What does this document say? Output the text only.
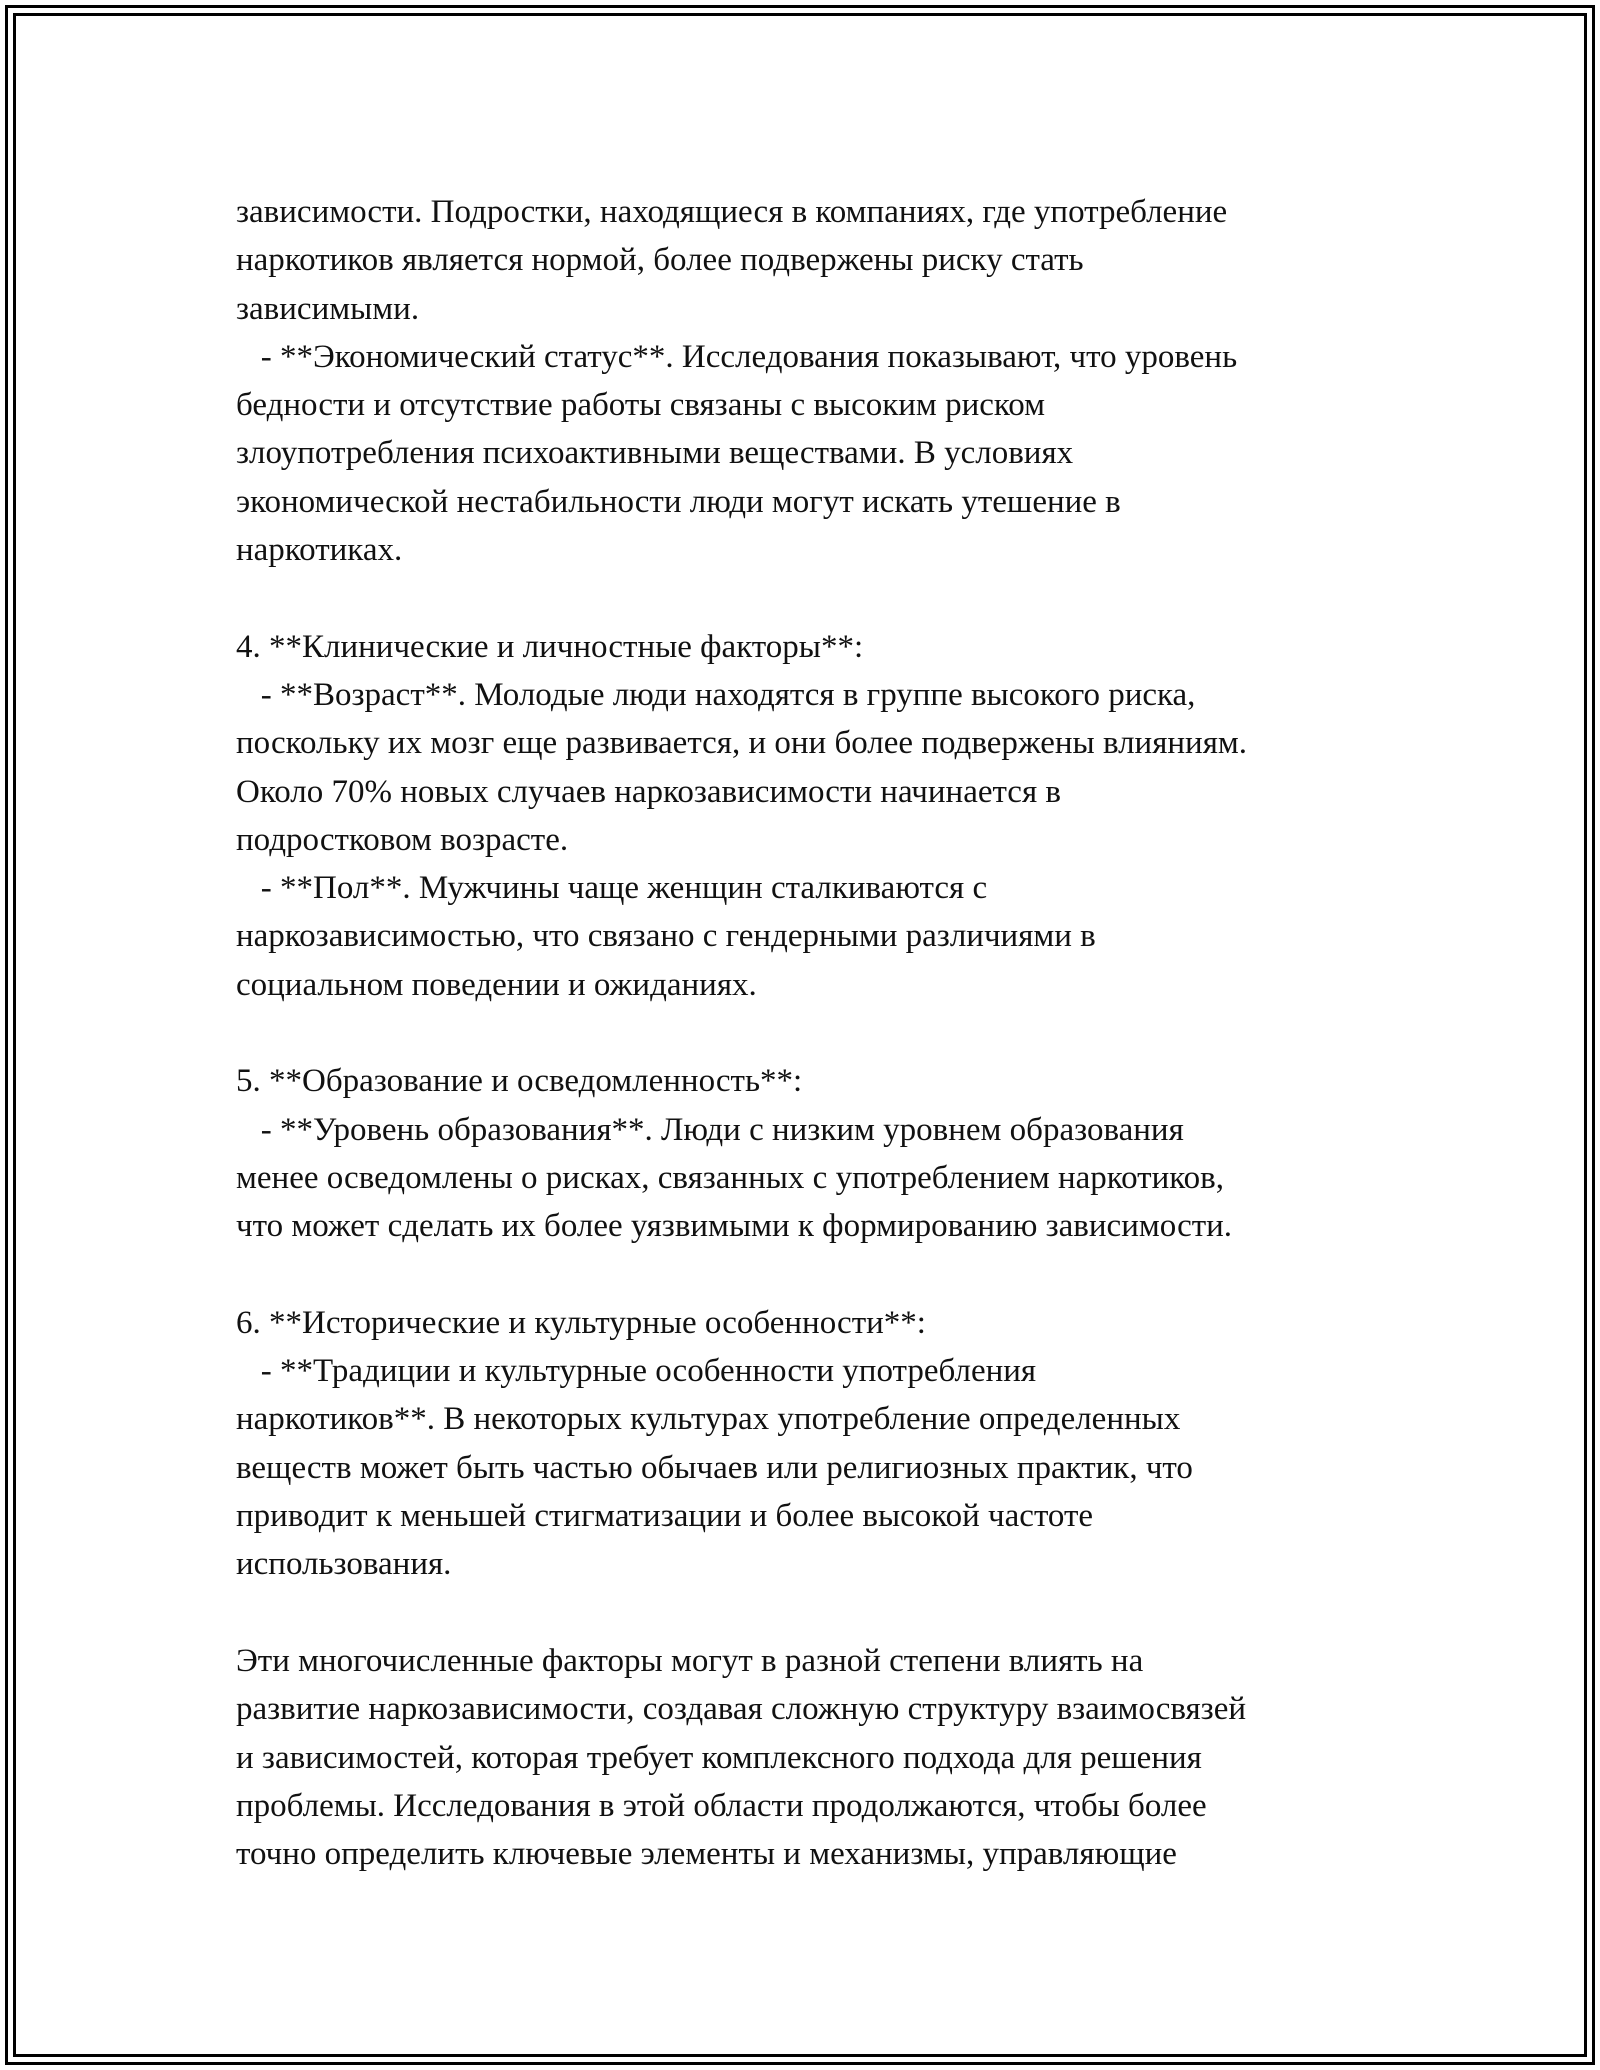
зависимости. Подростки, находящиеся в компаниях, где употребление
наркотиков является нормой, более подвержены риску стать
зависимыми.
- **Экономический статус**. Исследования показывают, что уровень
бедности и отсутствие работы связаны с высоким риском
злоупотребления психоактивными веществами. В условиях
экономической нестабильности люди могут искать утешение в
наркотиках.
4. **Клинические и личностные факторы**:
- **Возраст**. Молодые люди находятся в группе высокого риска,
поскольку их мозг еще развивается, и они более подвержены влияниям.
Около 70% новых случаев наркозависимости начинается в
подростковом возрасте.
- **Пол**. Мужчины чаще женщин сталкиваются с
наркозависимостью, что связано с гендерными различиями в
социальном поведении и ожиданиях.
5. **Образование и осведомленность**:
- **Уровень образования**. Люди с низким уровнем образования
менее осведомлены о рисках, связанных с употреблением наркотиков,
что может сделать их более уязвимыми к формированию зависимости.
6. **Исторические и культурные особенности**:
- **Традиции и культурные особенности употребления
наркотиков**. В некоторых культурах употребление определенных
веществ может быть частью обычаев или религиозных практик, что
приводит к меньшей стигматизации и более высокой частоте
использования.
Эти многочисленные факторы могут в разной степени влиять на
развитие наркозависимости, создавая сложную структуру взаимосвязей
и зависимостей, которая требует комплексного подхода для решения
проблемы. Исследования в этой области продолжаются, чтобы более
точно определить ключевые элементы и механизмы, управляющие
